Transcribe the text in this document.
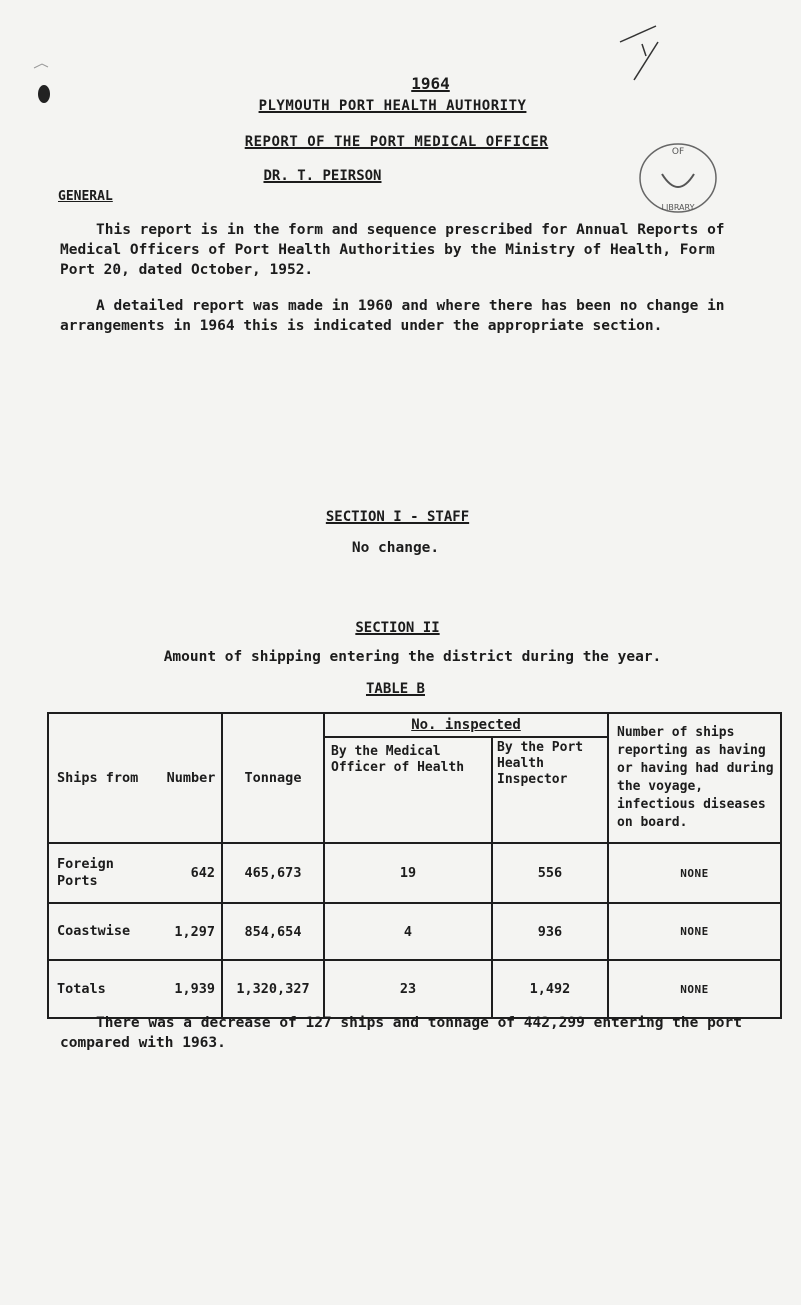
1964
PLYMOUTH PORT HEALTH AUTHORITY
REPORT OF THE PORT MEDICAL OFFICER
DR. T. PEIRSON
OF
LIBRARY
GENERAL
This report is in the form and sequence prescribed for Annual Reports of Medical Officers of Port Health Authorities by the Ministry of Health, Form Port 20, dated October, 1952.
A detailed report was made in 1960 and where there has been no change in arrangements in 1964 this is indicated under the appropriate section.
SECTION I - STAFF
No change.
SECTION II
Amount of shipping entering the district during the year.
TABLE B
Ships from Number	Tonnage	No. inspected		Number of ships reporting as having or having had during the voyage, infectious diseases on board.
		By the Medical Officer of Health	By the Port Health Inspector	
Foreign Ports 642	465,673	19	556	NONE
Coastwise 1,297	854,654	4	936	NONE
Totals 1,939	1,320,327	23	1,492	NONE
There was a decrease of 127 ships and tonnage of 442,299 entering the port compared with 1963.
